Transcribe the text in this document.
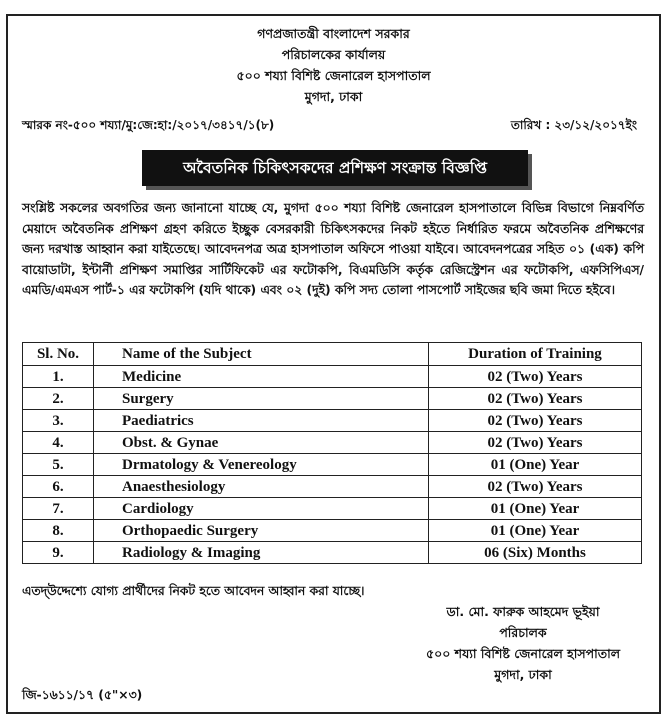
গণপ্রজাতন্ত্রী বাংলাদেশ সরকার
পরিচালকের কার্যালয়
৫০০ শয্যা বিশিষ্ট জেনারেল হাসপাতাল
মুগদা, ঢাকা
স্মারক নং-৫০০ শয্যা/মু:জে:হা:/২০১৭/৩৪১৭/১(৮)	তারিখ : ২৩/১২/২০১৭ইং
অবৈতনিক চিকিৎসকদের প্রশিক্ষণ সংক্রান্ত বিজ্ঞপ্তি
সংশ্লিষ্ট সকলের অবগতির জন্য জানানো যাচ্ছে যে, মুগদা ৫০০ শয্যা বিশিষ্ট জেনারেল হাসপাতালে বিভিন্ন বিভাগে নিম্নবর্ণিত মেয়াদে অবৈতনিক প্রশিক্ষণ গ্রহণ করিতে ইচ্ছুক বেসরকারী চিকিৎসকদের নিকট হইতে নির্ধারিত ফরমে অবৈতনিক প্রশিক্ষণের জন্য দরখাস্ত আহ্বান করা যাইতেছে। আবেদনপত্র অত্র হাসপাতাল অফিসে পাওয়া যাইবে। আবেদনপত্রের সহিত ০১ (এক) কপি বায়োডাটা, ইন্টার্নী প্রশিক্ষণ সমাপ্তির সার্টিফিকেট এর ফটোকপি, বিএমডিসি কর্তৃক রেজিস্ট্রেশন এর ফটোকপি, এফসিপিএস/এমডি/এমএস পার্ট-১ এর ফটোকপি (যদি থাকে) এবং ০২ (দুই) কপি সদ্য তোলা পাসপোর্ট সাইজের ছবি জমা দিতে হইবে।
Sl. No.	Name of the Subject	Duration of Training
1.	Medicine	02 (Two) Years
2.	Surgery	02 (Two) Years
3.	Paediatrics	02 (Two) Years
4.	Obst. & Gynae	02 (Two) Years
5.	Drmatology & Venereology	01 (One) Year
6.	Anaesthesiology	02 (Two) Years
7.	Cardiology	01 (One) Year
8.	Orthopaedic Surgery	01 (One) Year
9.	Radiology & Imaging	06 (Six) Months
এতদ্‌উদ্দেশ্যে যোগ্য প্রার্থীদের নিকট হতে আবেদন আহ্বান করা যাচ্ছে।
ডা. মো. ফারুক আহমেদ ভূইয়া
পরিচালক
৫০০ শয্যা বিশিষ্ট জেনারেল হাসপাতাল
মুগদা, ঢাকা
জি-১৬১১/১৭ (৫"×৩)
